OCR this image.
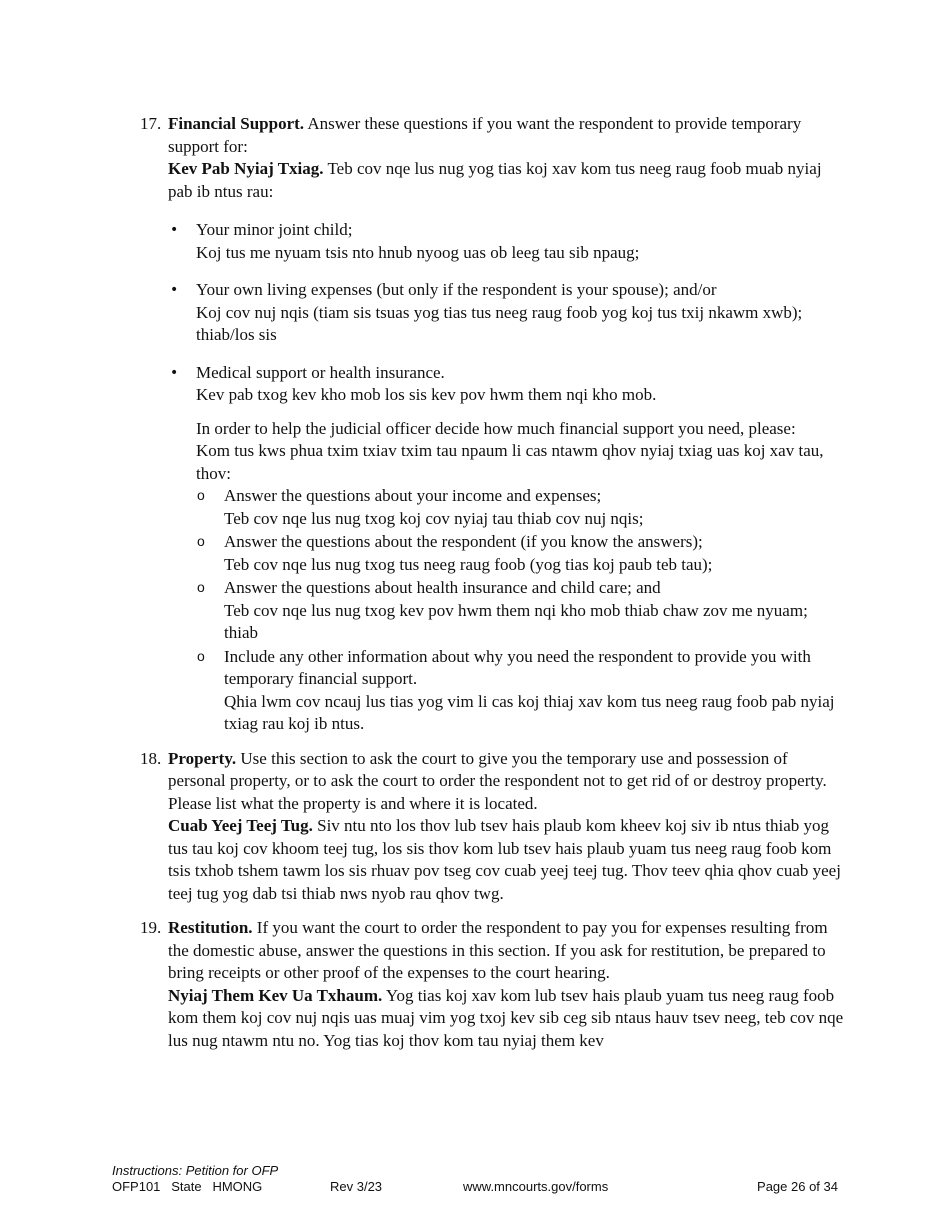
17. Financial Support. Answer these questions if you want the respondent to provide temporary support for:

Kev Pab Nyiaj Txiag. Teb cov nqe lus nug yog tias koj xav kom tus neeg raug foob muab nyiaj pab ib ntus rau:

• Your minor joint child;

Koj tus me nyuam tsis nto hnub nyoog uas ob leeg tau sib npaug;

• Your own living expenses (but only if the respondent is your spouse); and/or

Koj cov nuj nqis (tiam sis tsuas yog tias tus neeg raug foob yog koj tus txij nkawm xwb); thiab/los sis

• Medical support or health insurance.

Kev pab txog kev kho mob los sis kev pov hwm them nqi kho mob.

In order to help the judicial officer decide how much financial support you need, please:

Kom tus kws phua txim txiav txim tau npaum li cas ntawm qhov nyiaj txiag uas koj xav tau, thov:

o Answer the questions about your income and expenses;

Teb cov nqe lus nug txog koj cov nyiaj tau thiab cov nuj nqis;

o Answer the questions about the respondent (if you know the answers);

Teb cov nqe lus nug txog tus neeg raug foob (yog tias koj paub teb tau);

o Answer the questions about health insurance and child care; and

Teb cov nqe lus nug txog kev pov hwm them nqi kho mob thiab chaw zov me nyuam; thiab

o Include any other information about why you need the respondent to provide you with temporary financial support.

Qhia lwm cov ncauj lus tias yog vim li cas koj thiaj xav kom tus neeg raug foob pab nyiaj txiag rau koj ib ntus.

18. Property. Use this section to ask the court to give you the temporary use and possession of personal property, or to ask the court to order the respondent not to get rid of or destroy property. Please list what the property is and where it is located.

Cuab Yeej Teej Tug. Siv ntu nto los thov lub tsev hais plaub kom kheev koj siv ib ntus thiab yog tus tau koj cov khoom teej tug, los sis thov kom lub tsev hais plaub yuam tus neeg raug foob kom tsis txhob tshem tawm los sis rhuav pov tseg cov cuab yeej teej tug. Thov teev qhia qhov cuab yeej teej tug yog dab tsi thiab nws nyob rau qhov twg.

19. Restitution. If you want the court to order the respondent to pay you for expenses resulting from the domestic abuse, answer the questions in this section. If you ask for restitution, be prepared to bring receipts or other proof of the expenses to the court hearing.

Nyiaj Them Kev Ua Txhaum. Yog tias koj xav kom lub tsev hais plaub yuam tus neeg raug foob kom them koj cov nuj nqis uas muaj vim yog txoj kev sib ceg sib ntaus hauv tsev neeg, teb cov nqe lus nug ntawm ntu no. Yog tias koj thov kom tau nyiaj them kev

Instructions: Petition for OFP
OFP101   State   HMONG	Rev 3/23	www.mncourts.gov/forms	Page 26 of 34
